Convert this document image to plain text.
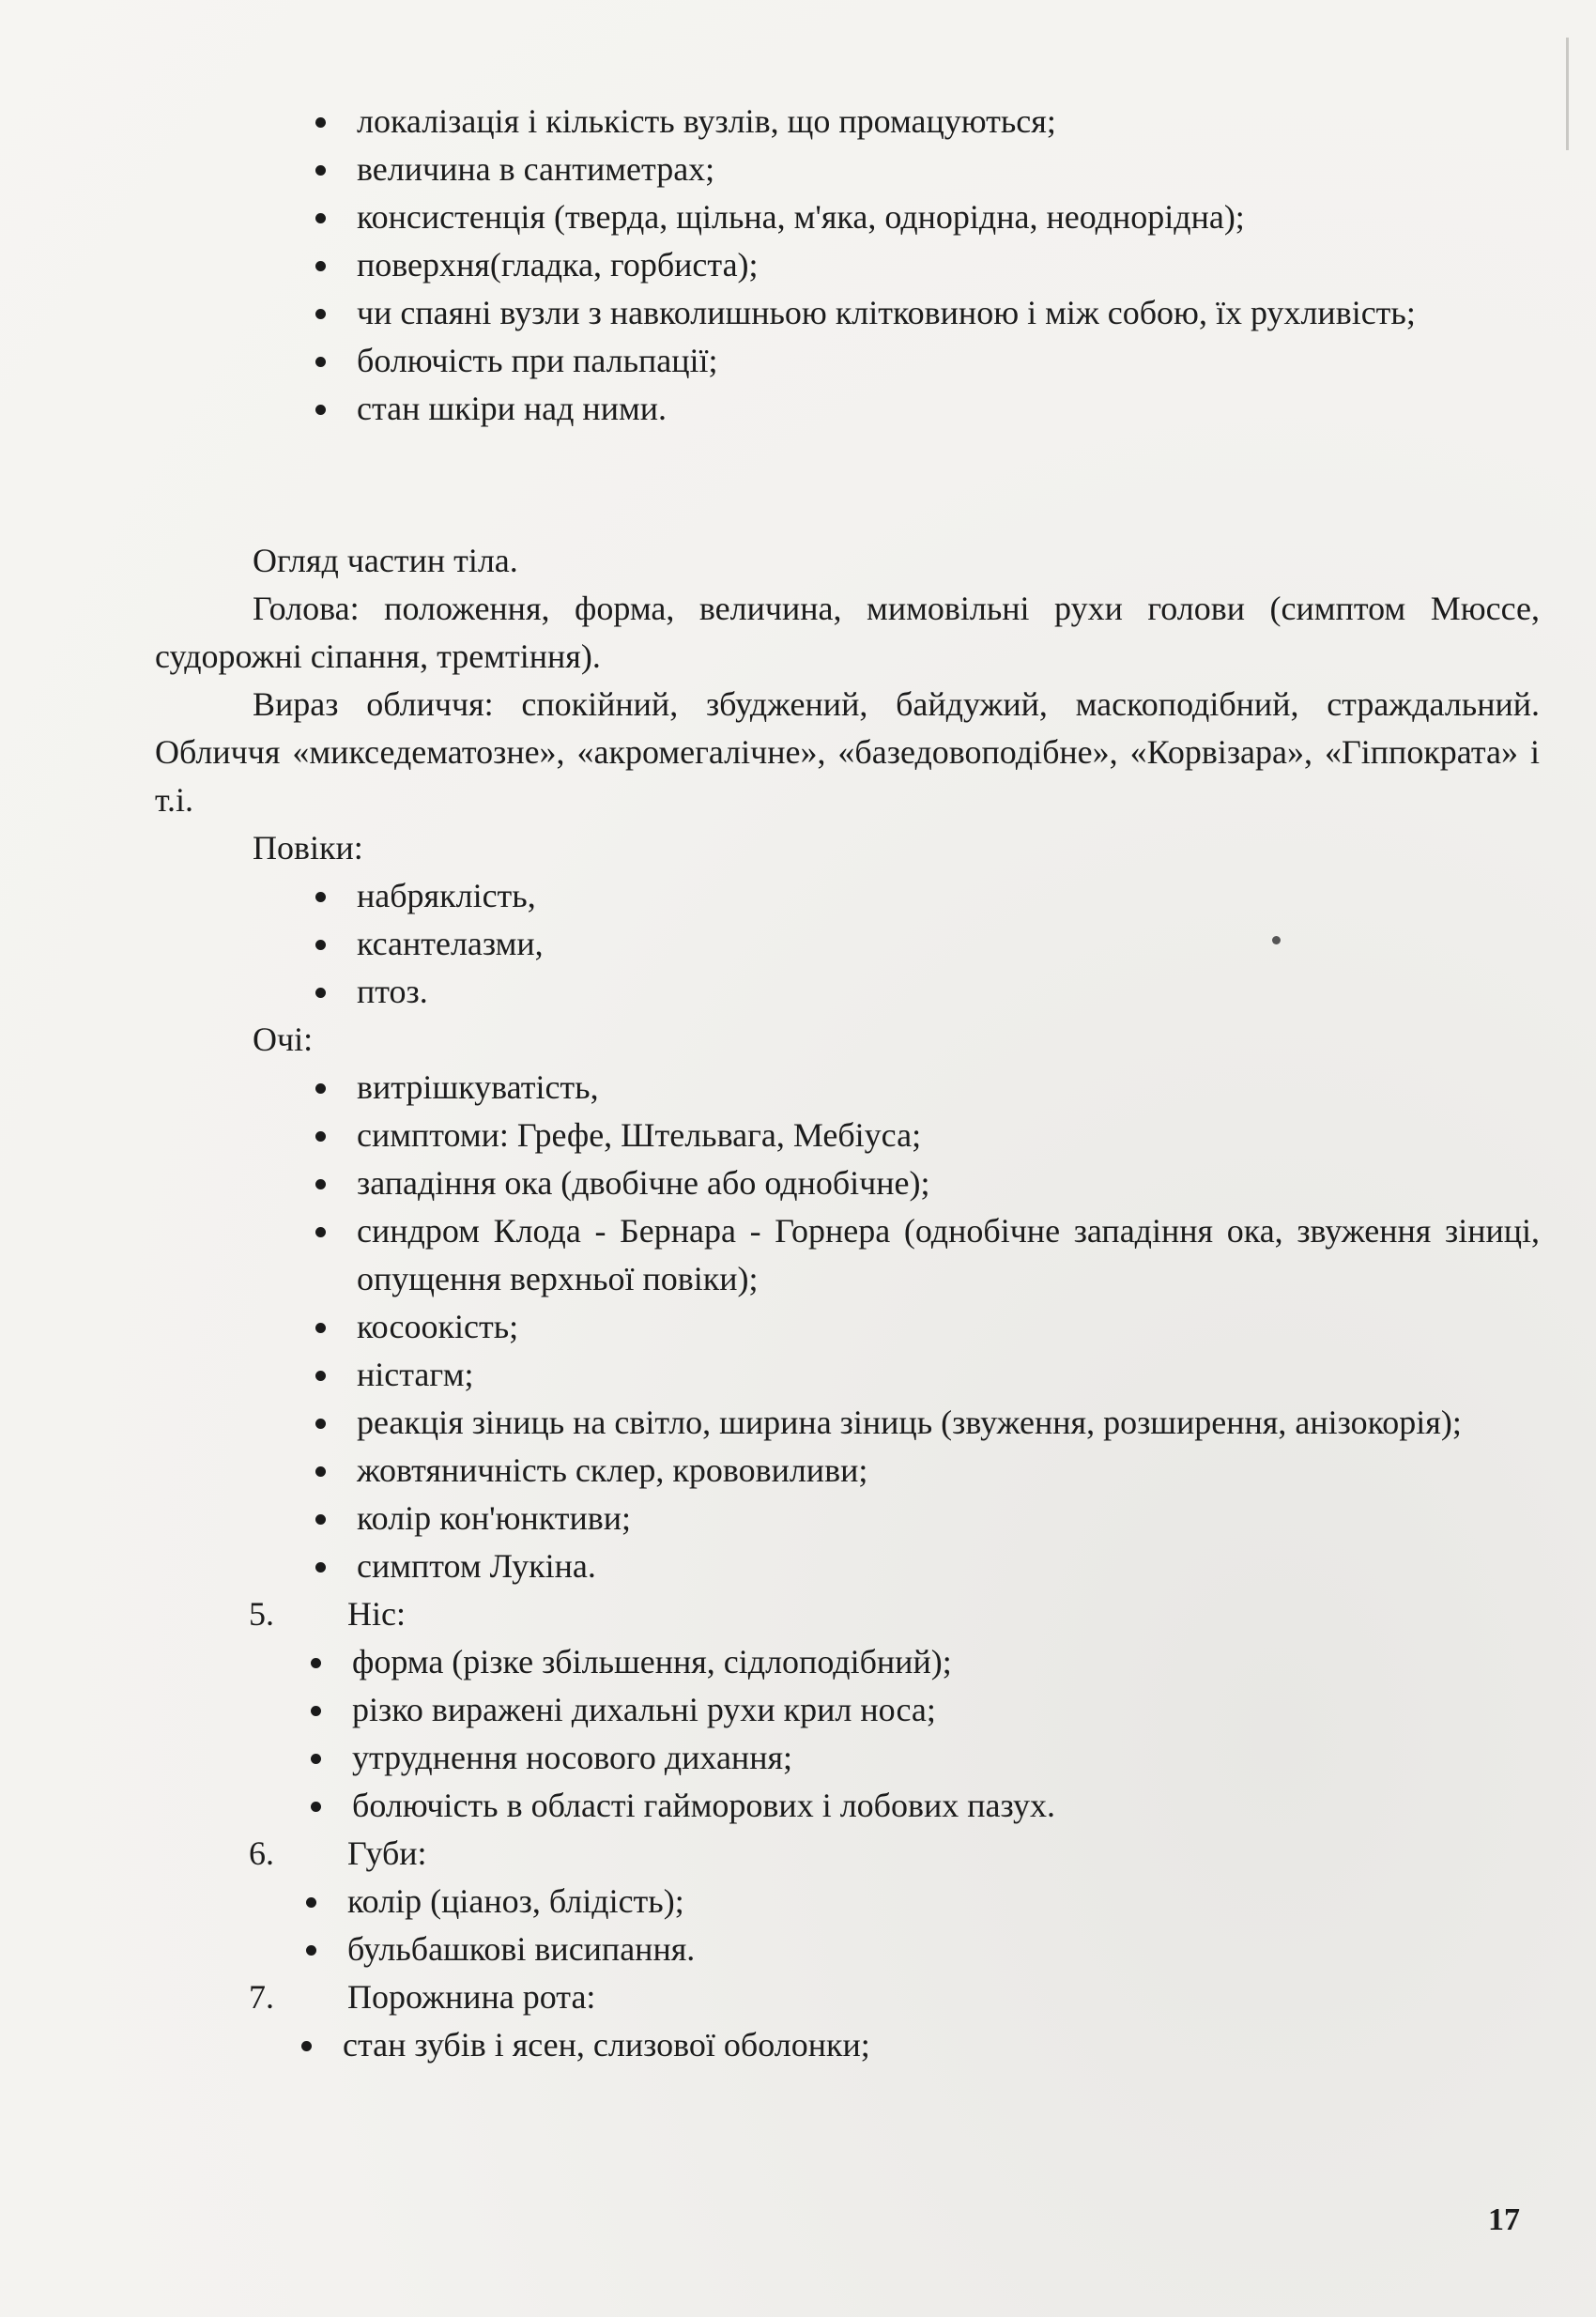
локалізація і кількість вузлів, що промацуються;
величина в сантиметрах;
консистенція (тверда, щільна, м'яка, однорідна, неоднорідна);
поверхня(гладка, горбиста);
чи спаяні вузли з навколишньою клітковиною і між собою, їх рухливість;
болючість при пальпації;
стан шкіри над ними.

Огляд частин тіла.

Голова: положення, форма, величина, мимовільні рухи голови (симптом Мюссе, судорожні сіпання, тремтіння).

Вираз обличчя: спокійний, збуджений, байдужий, маскоподібний, страждальний. Обличчя «микседематозне», «акромегалічне», «базедовоподібне», «Корвізара», «Гіппократа» і т.і.

Повіки:

набряклість,
ксантелазми,
птоз.

Очі:

витрішкуватість,
симптоми: Грефе, Штельвага, Мебіуса;
западіння ока (двобічне або однобічне);
синдром Клода - Бернара - Горнера (однобічне западіння ока, звуження зіниці, опущення верхньої повіки);
косоокість;
ністагм;
реакція зіниць на світло, ширина зіниць (звуження, розширення, анізокорія);
жовтяничність склер, крововиливи;
колір кон'юнктиви;
симптом Лукіна.
5. Ніс:
форма (різке збільшення, сідлоподібний);
різко виражені дихальні рухи крил носа;
утруднення носового дихання;
болючість в області гайморових і лобових пазух.
6. Губи:
колір (ціаноз, блідість);
бульбашкові висипання.
7. Порожнина рота:
стан зубів і ясен, слизової оболонки;
17
